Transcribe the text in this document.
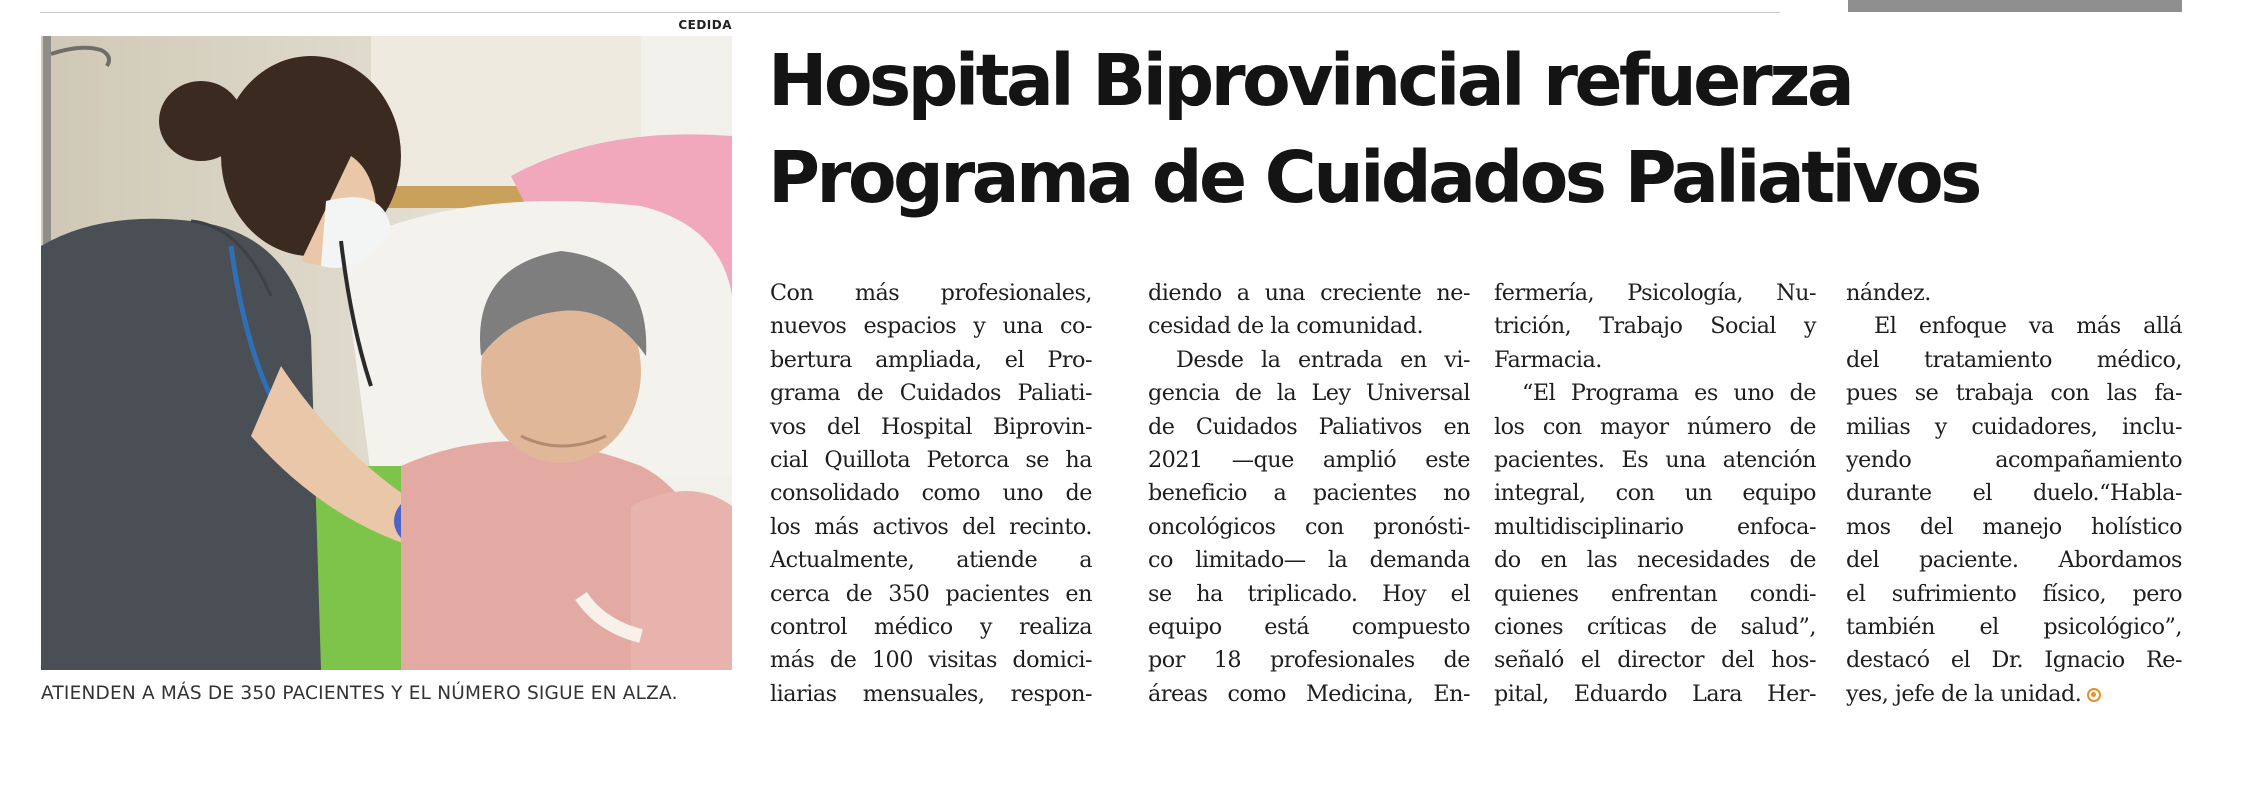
CEDIDA
ATIENDEN A MÁS DE 350 PACIENTES Y EL NÚMERO SIGUE EN ALZA.
Hospital Biprovincial refuerza
Programa de Cuidados Paliativos

Con más profesionales,
nuevos espacios y una co-
bertura ampliada, el Pro-
grama de Cuidados Paliati-
vos del Hospital Biprovin-
cial Quillota Petorca se ha
consolidado como uno de
los más activos del recinto.
Actualmente, atiende a
cerca de 350 pacientes en
control médico y realiza
más de 100 visitas domici-
liarias mensuales, respon-

diendo a una creciente ne-
cesidad de la comunidad.
Desde la entrada en vi-
gencia de la Ley Universal
de Cuidados Paliativos en
2021 —que amplió este
beneficio a pacientes no
oncológicos con pronósti-
co limitado— la demanda
se ha triplicado. Hoy el
equipo está compuesto
por 18 profesionales de
áreas como Medicina, En-

fermería, Psicología, Nu-
trición, Trabajo Social y
Farmacia.
“El Programa es uno de
los con mayor número de
pacientes. Es una atención
integral, con un equipo
multidisciplinario enfoca-
do en las necesidades de
quienes enfrentan condi-
ciones críticas de salud”,
señaló el director del hos-
pital, Eduardo Lara Her-

nández.
El enfoque va más allá
del tratamiento médico,
pues se trabaja con las fa-
milias y cuidadores, inclu-
yendo acompañamiento
durante el duelo.“Habla-
mos del manejo holístico
del paciente. Abordamos
el sufrimiento físico, pero
también el psicológico”,
destacó el Dr. Ignacio Re-
yes, jefe de la unidad.
